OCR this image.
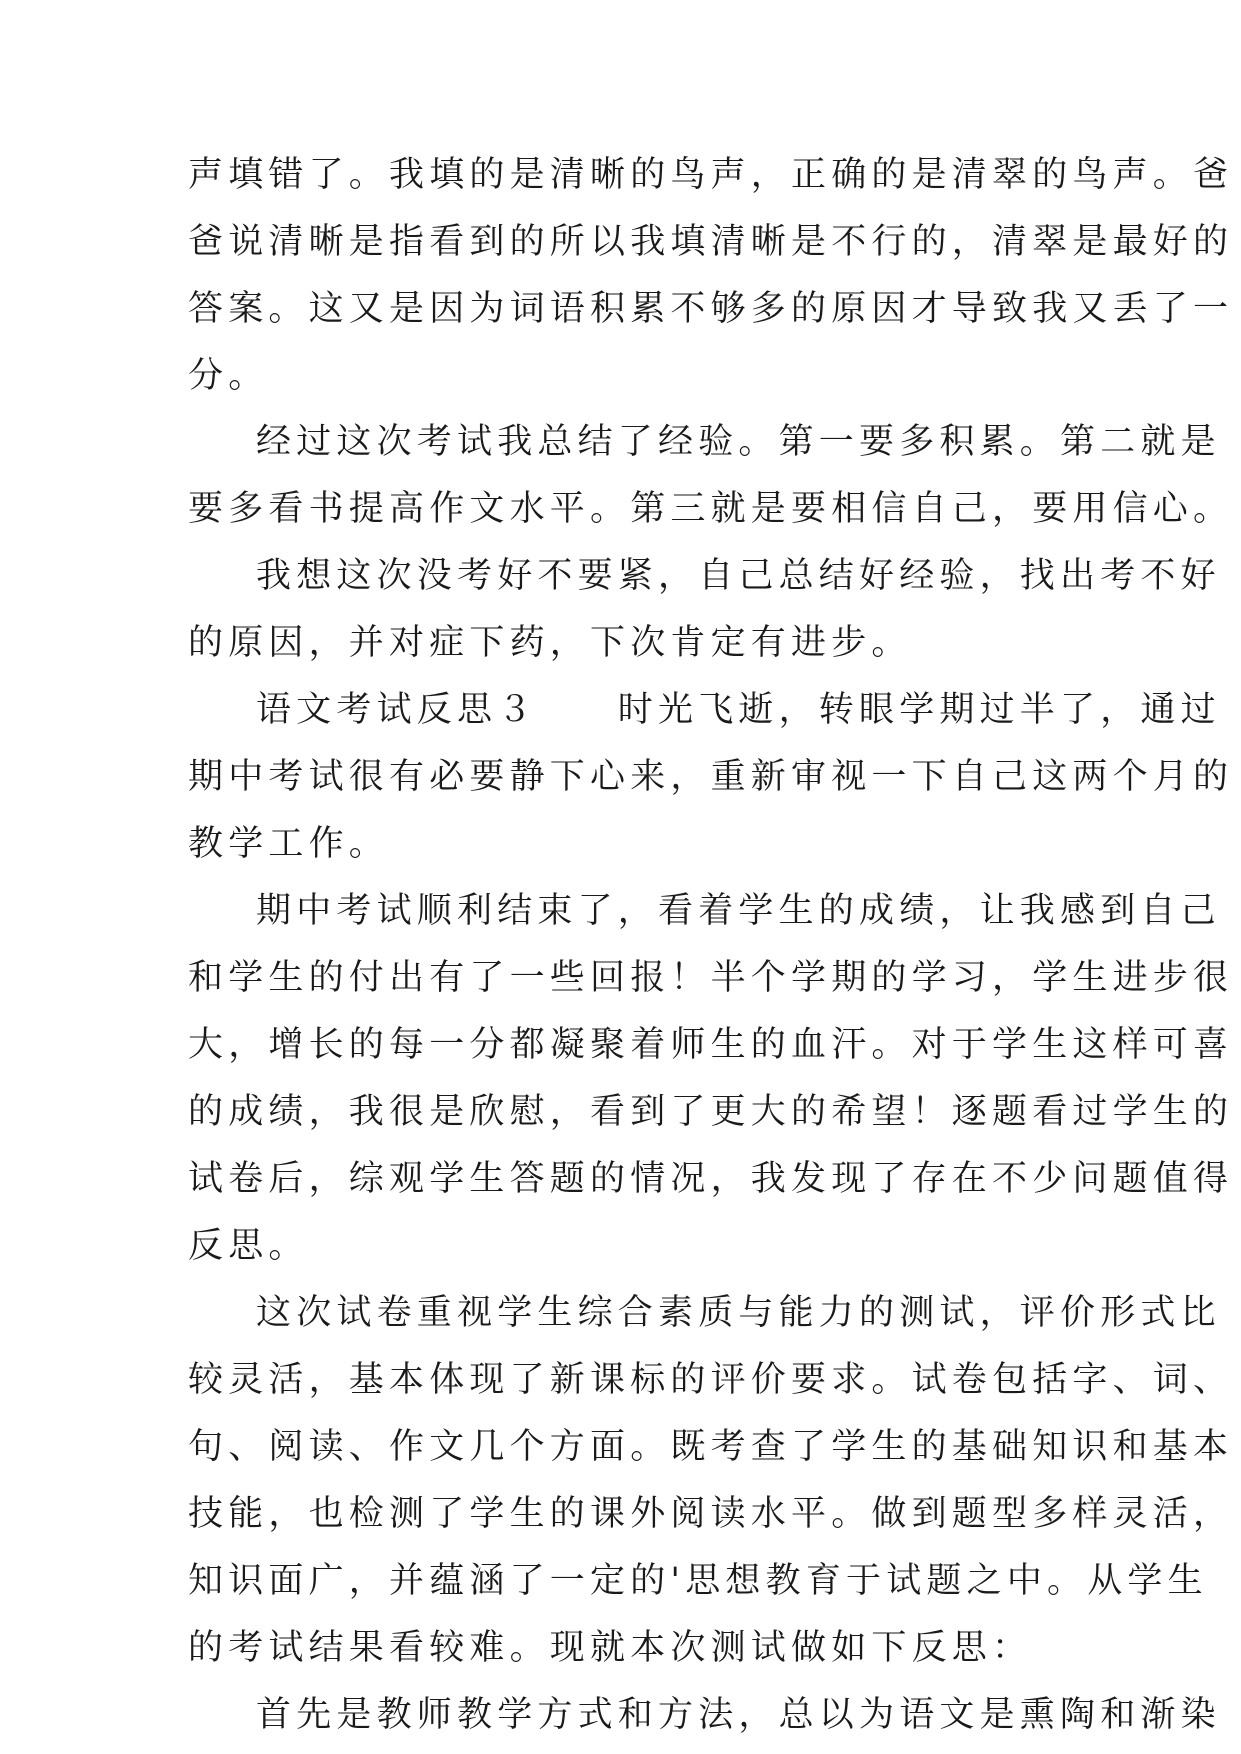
声填错了。我填的是清晰的鸟声，正确的是清翠的鸟声。爸
爸说清晰是指看到的所以我填清晰是不行的，清翠是最好的
答案。这又是因为词语积累不够多的原因才导致我又丢了一
分。
经过这次考试我总结了经验。第一要多积累。第二就是
要多看书提高作文水平。第三就是要相信自己，要用信心。
我想这次没考好不要紧，自己总结好经验，找出考不好
的原因，并对症下药，下次肯定有进步。
语文考试反思３　　时光飞逝，转眼学期过半了，通过
期中考试很有必要静下心来，重新审视一下自己这两个月的
教学工作。
期中考试顺利结束了，看着学生的成绩，让我感到自己
和学生的付出有了一些回报！半个学期的学习，学生进步很
大，增长的每一分都凝聚着师生的血汗。对于学生这样可喜
的成绩，我很是欣慰，看到了更大的希望！逐题看过学生的
试卷后，综观学生答题的情况，我发现了存在不少问题值得
反思。
这次试卷重视学生综合素质与能力的测试，评价形式比
较灵活，基本体现了新课标的评价要求。试卷包括字、词、
句、阅读、作文几个方面。既考查了学生的基础知识和基本
技能，也检测了学生的课外阅读水平。做到题型多样灵活，
知识面广，并蕴涵了一定的'思想教育于试题之中。从学生
的考试结果看较难。现就本次测试做如下反思：
首先是教师教学方式和方法，总以为语文是熏陶和渐染
